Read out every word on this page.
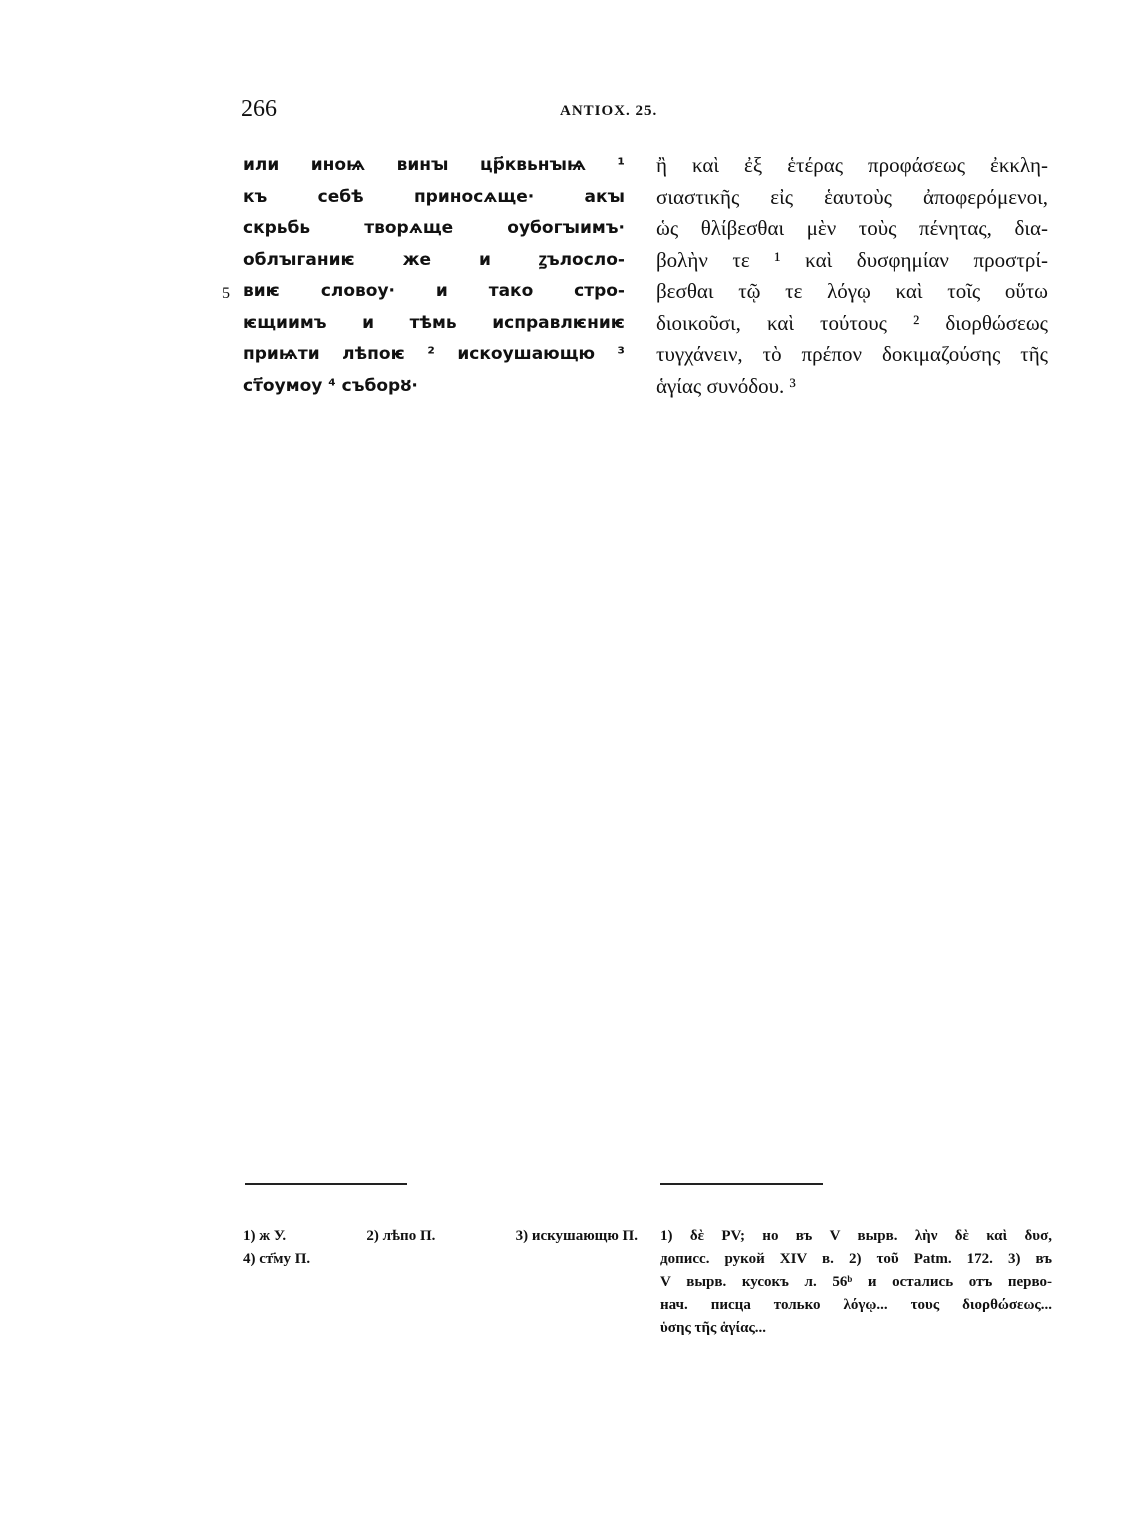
266	ANTIOX. 25.
5
или иноѩ винꙑ цр҃квьнꙑѩ ¹
къ себѣ приносѧще· акꙑ
скрьбь творѧще оубогꙑимъ·
облꙑганиѥ же и ꙁълосло-
виѥ словоу· и тако стро-
ѥщиимъ и тѣмь исправлѥниѥ
приѩти лѣпоѥ ² искоушающю ³
ст҃оумоу ⁴ съборȣ·
ἢ καὶ ἐξ ἑτέρας προφάσεως ἐκκλη-
σιαστικῆς εἰς ἑαυτοὺς ἀποφερόμενοι,
ὡς θλίβεσθαι μὲν τοὺς πένητας, δια-
βολὴν τε ¹ καὶ δυσφημίαν προστρί-
βεσθαι τῷ τε λόγῳ καὶ τοῖς οὕτω
διοικοῦσι, καὶ τούτους ² διορθώσεως
τυγχάνειν, τὸ πρέπον δοκιμαζούσης τῆς
ἁγίας συνόδου. ³
1) ж У.	2) лѣпо П.	3) искушающю П.
4) ст҃му П.
1) δὲ PV; но въ V вырв. λὴν δὲ καὶ δυσ,
дописс. рукой XIV в. 2) τοῦ Patm. 172. 3) въ
V вырв. кусокъ л. 56ᵇ и остались отъ перво-
нач. писца только λόγῳ... τους διορθώσεως...
ὑσης τῆς ἁγίας...
